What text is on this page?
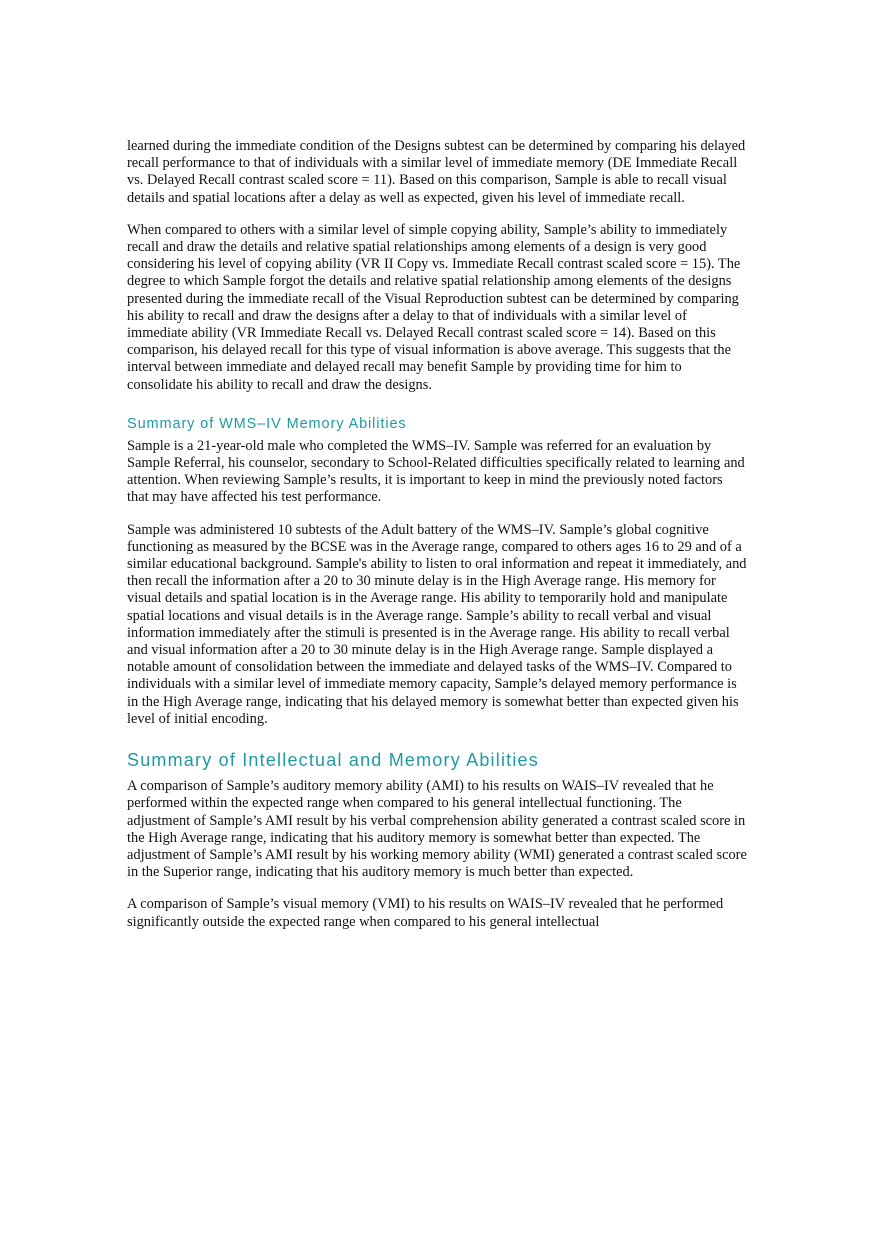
learned during the immediate condition of the Designs subtest can be determined by comparing his delayed recall performance to that of individuals with a similar level of immediate memory (DE Immediate Recall vs. Delayed Recall contrast scaled score = 11). Based on this comparison, Sample is able to recall visual details and spatial locations after a delay as well as expected, given his level of immediate recall.

When compared to others with a similar level of simple copying ability, Sample’s ability to immediately recall and draw the details and relative spatial relationships among elements of a design is very good considering his level of copying ability (VR II Copy vs. Immediate Recall contrast scaled score = 15). The degree to which Sample forgot the details and relative spatial relationship among elements of the designs presented during the immediate recall of the Visual Reproduction subtest can be determined by comparing his ability to recall and draw the designs after a delay to that of individuals with a similar level of immediate ability (VR Immediate Recall vs. Delayed Recall contrast scaled score = 14). Based on this comparison, his delayed recall for this type of visual information is above average. This suggests that the interval between immediate and delayed recall may benefit Sample by providing time for him to consolidate his ability to recall and draw the designs.

Summary of WMS–IV Memory Abilities

Sample is a 21-year-old male who completed the WMS–IV. Sample was referred for an evaluation by Sample Referral, his counselor, secondary to School-Related difficulties specifically related to learning and attention. When reviewing Sample’s results, it is important to keep in mind the previously noted factors that may have affected his test performance.

Sample was administered 10 subtests of the Adult battery of the WMS–IV. Sample’s global cognitive functioning as measured by the BCSE was in the Average range, compared to others ages 16 to 29 and of a similar educational background. Sample's ability to listen to oral information and repeat it immediately, and then recall the information after a 20 to 30 minute delay is in the High Average range. His memory for visual details and spatial location is in the Average range. His ability to temporarily hold and manipulate spatial locations and visual details is in the Average range. Sample’s ability to recall verbal and visual information immediately after the stimuli is presented is in the Average range. His ability to recall verbal and visual information after a 20 to 30 minute delay is in the High Average range. Sample displayed a notable amount of consolidation between the immediate and delayed tasks of the WMS–IV. Compared to individuals with a similar level of immediate memory capacity, Sample’s delayed memory performance is in the High Average range, indicating that his delayed memory is somewhat better than expected given his level of initial encoding.

Summary of Intellectual and Memory Abilities

A comparison of Sample’s auditory memory ability (AMI) to his results on WAIS–IV revealed that he performed within the expected range when compared to his general intellectual functioning. The adjustment of Sample’s AMI result by his verbal comprehension ability generated a contrast scaled score in the High Average range, indicating that his auditory memory is somewhat better than expected. The adjustment of Sample’s AMI result by his working memory ability (WMI) generated a contrast scaled score in the Superior range, indicating that his auditory memory is much better than expected.

A comparison of Sample’s visual memory (VMI) to his results on WAIS–IV revealed that he performed significantly outside the expected range when compared to his general intellectual
